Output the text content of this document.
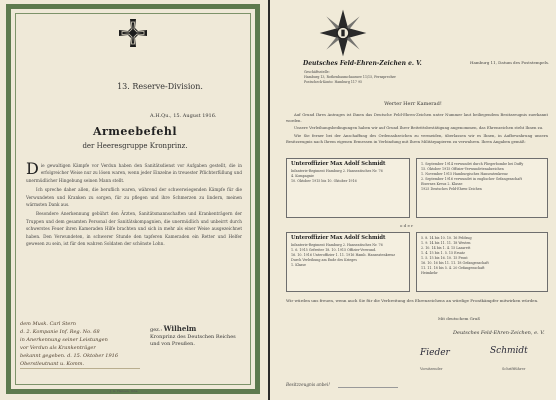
13. Reserve-Division.
A.H.Qu., 15. August 1916.
Armeebefehl
der Heeresgruppe Kronprinz.

Die gewaltigen Kämpfe vor Verdun haben den Sanitätsdienst vor Aufgaben gestellt, die in erfolgreicher Weise nur zu lösen waren, wenn jeder Einzelne in treuester Pflichterfüllung und unermüdlicher Hingebung seinen Mann stellt.

Ich spreche daher allen, die beruflich waren, während der schwerwiegenden Kämpfe für die Verwundeten und Kranken zu sorgen, für zu pflegen und ihre Schmerzen zu lindern, meinen wärmsten Dank aus.

Besondere Anerkennung gebührt den Ärzten, Sanitätsmannschaften und Krankenträgern der Truppen und dem gesamten Personal der Sanitätskompagnien, die unermüdlich und unbeirrt durch schwerstes Feuer ihren Kameraden Hilfe brachten und sich in mehr als einer Weise ausgezeichnet haben. Den Verwundeten, in schwerer Stunde den tapferen Kameraden ein Retter und Helfer gewesen zu sein, ist für den wahren Soldaten der schönste Lohn.

dem Musk. Carl Stern
d. 2. Kompanie Inf. Reg. No. 68
in Anerkennung seiner Leistungen
vor Verdun als Krankenträger
bekannt gegeben. d. 15. Oktober 1916
Oberstleutnant u. Komm.
gez.: Wilhelm
Kronprinz des Deutschen Reiches
und von Preußen.
J. G. Hansen, Ibba.
Deutsches Feld-Ehren-Zeichen e. V.
Geschäftsstelle:
Hamburg 13, Rothenbaumchaussee 11/15, Fernsprecher
Postscheck-Konto: Hamburg 117 95
Hamburg 11, Datum des Poststempels.
Werter Herr Kamerad!

Auf Grund Ihres Antrages ist Ihnen das Deutsche Feld-Ehren-Zeichen unter Nummer laut beiliegendem Besitzzeugnis zuerkannt worden.

Unsere Verleihungsbedingungen haben wir auf Grund Ihrer Beitrittsbestätigung angenommen, das Ehrenzeichen steht Ihnen zu.

Wie Sie ferner bei der Anschaffung des Ordensabzeichen zu vermeiden, überlassen wir es Ihnen, in Aufbewahrung unsern Besitzzeugnis nach Ihrem eigenen Ermessen in Verbindung mit Ihren Militärpapieren zu verwahren. Ihren Angaben gemäß:

Unteroffizier Max Adolf Schmidt
Infanterie-Regiment Hamburg 2. Hanseatisches Nr. 76
4. Kompagnie
10. Oktober 1915 bis 10. Oktober 1916
1. September 1914 verwundet durch Fliegerbombe bei Duffy
15. Oktober 1915 Offizier-Verwundetenabzeichen
1. November 1915 Hamburgisches Hanseatenkreuz
2. September 1916 verwundet in englischer Gefangenschaft
Eisernes Kreuz 2. Klasse
1925 Deutsches Feld-Ehren-Zeichen
o d e r
Unteroffizier Max Adolf Schmidt
Infanterie-Regiment Hamburg 2. Hanseatisches Nr. 76
1. 6. 1915 Gefreiter 18. 10. 1915 Offizier-Verwund.
16. 10. 1916 Unteroffizier 1. 11. 1916 Hamb. Hanseatenkreuz
Durch Verleihung am Ende des Krieges
1. Klasse
5. 8. 14 bis 10. 10. 16 Feldzug
1. 9. 14 bis 11. 11. 18 Westen
2. 10. 14 bis 1. 4. 15 Lazarett
1. 4. 15 bis 1. 5. 15 Ersatz
1. 5. 15 bis 16. 10. 15 Front
16. 10. 16 bis 11. 11. 18 Gefangenschaft
11. 11. 18 bis 5. 4. 20 Gefangenschaft
Heimkehr
Wir würden uns freuen, wenn auch Sie für die Verbreitung des Ehrenzeichens an würdige Frontkämpfer mitwirken würden.
Mit deutschem Gruß
Deutsches Feld-Ehren-Zeichen, e. V.
Fieder	Schmidt
Vorsitzender	Schriftführer
Besitzzeugnis anbei!
